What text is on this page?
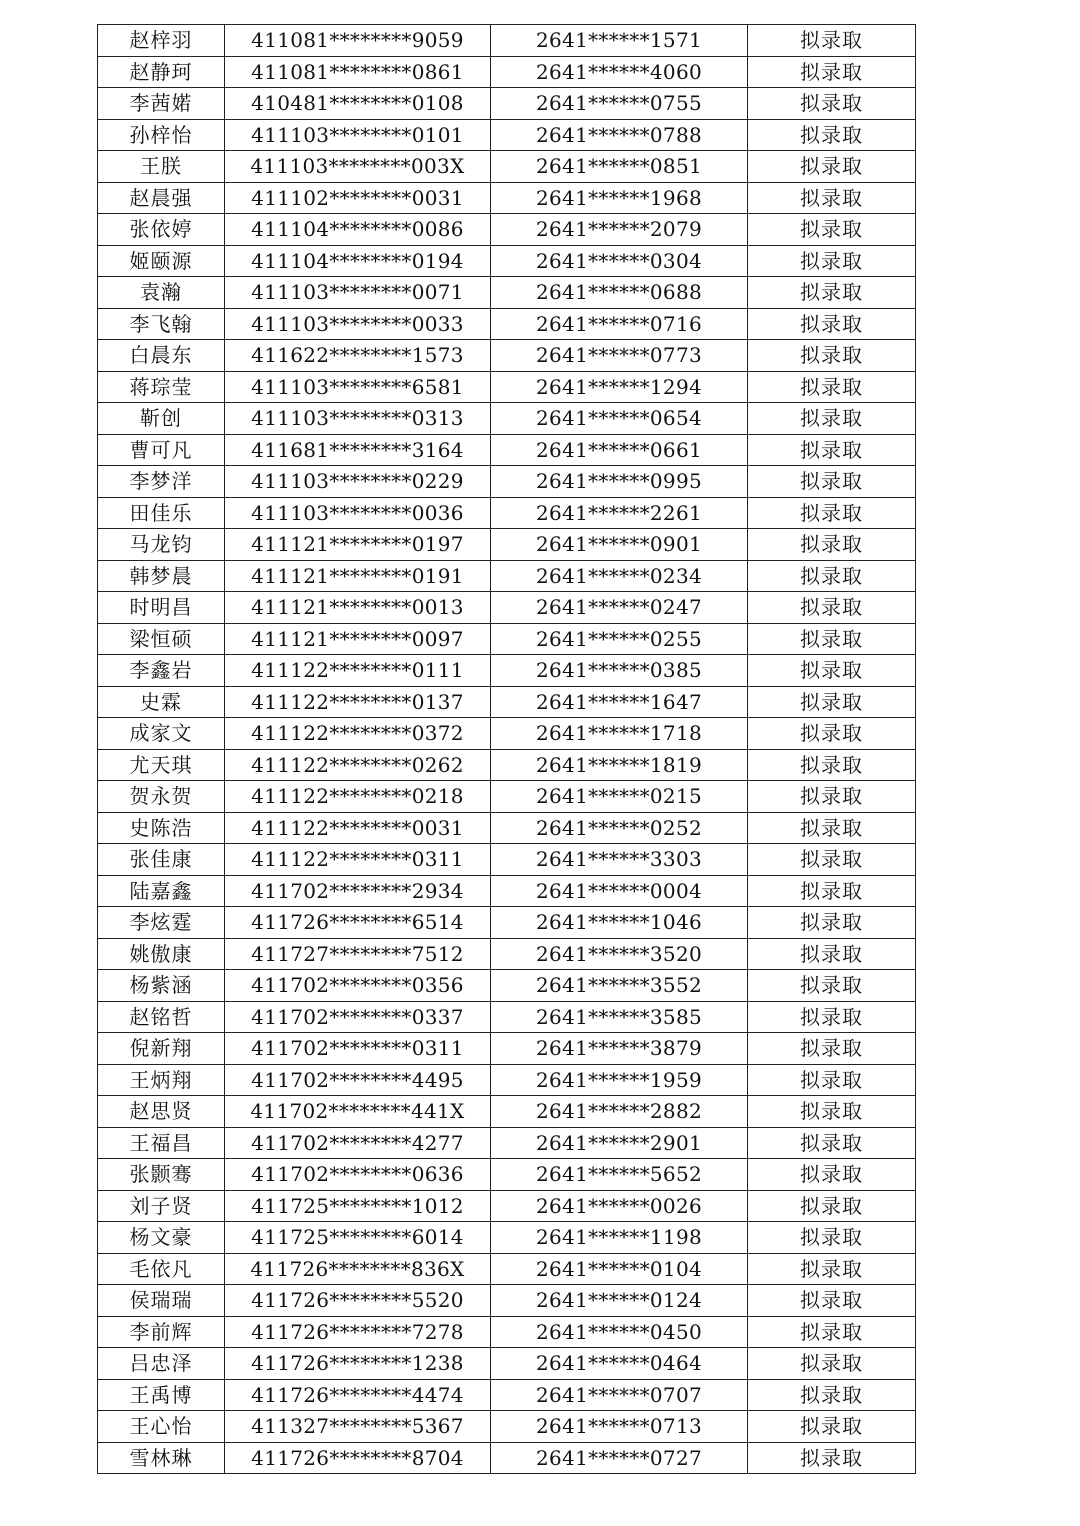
赵梓羽	411081********9059	2641******1571	拟录取
赵静珂	411081********0861	2641******4060	拟录取
李茜婼	410481********0108	2641******0755	拟录取
孙梓怡	411103********0101	2641******0788	拟录取
王朕	411103********003X	2641******0851	拟录取
赵晨强	411102********0031	2641******1968	拟录取
张依婷	411104********0086	2641******2079	拟录取
姬颐源	411104********0194	2641******0304	拟录取
袁瀚	411103********0071	2641******0688	拟录取
李飞翰	411103********0033	2641******0716	拟录取
白晨东	411622********1573	2641******0773	拟录取
蒋琮莹	411103********6581	2641******1294	拟录取
靳创	411103********0313	2641******0654	拟录取
曹可凡	411681********3164	2641******0661	拟录取
李梦洋	411103********0229	2641******0995	拟录取
田佳乐	411103********0036	2641******2261	拟录取
马龙钧	411121********0197	2641******0901	拟录取
韩梦晨	411121********0191	2641******0234	拟录取
时明昌	411121********0013	2641******0247	拟录取
梁恒硕	411121********0097	2641******0255	拟录取
李鑫岩	411122********0111	2641******0385	拟录取
史霖	411122********0137	2641******1647	拟录取
成家文	411122********0372	2641******1718	拟录取
尤天琪	411122********0262	2641******1819	拟录取
贺永贺	411122********0218	2641******0215	拟录取
史陈浩	411122********0031	2641******0252	拟录取
张佳康	411122********0311	2641******3303	拟录取
陆嘉鑫	411702********2934	2641******0004	拟录取
李炫霆	411726********6514	2641******1046	拟录取
姚傲康	411727********7512	2641******3520	拟录取
杨紫涵	411702********0356	2641******3552	拟录取
赵铭哲	411702********0337	2641******3585	拟录取
倪新翔	411702********0311	2641******3879	拟录取
王炳翔	411702********4495	2641******1959	拟录取
赵思贤	411702********441X	2641******2882	拟录取
王福昌	411702********4277	2641******2901	拟录取
张颢骞	411702********0636	2641******5652	拟录取
刘子贤	411725********1012	2641******0026	拟录取
杨文豪	411725********6014	2641******1198	拟录取
毛依凡	411726********836X	2641******0104	拟录取
侯瑞瑞	411726********5520	2641******0124	拟录取
李前辉	411726********7278	2641******0450	拟录取
吕忠泽	411726********1238	2641******0464	拟录取
王禹博	411726********4474	2641******0707	拟录取
王心怡	411327********5367	2641******0713	拟录取
雪林琳	411726********8704	2641******0727	拟录取
